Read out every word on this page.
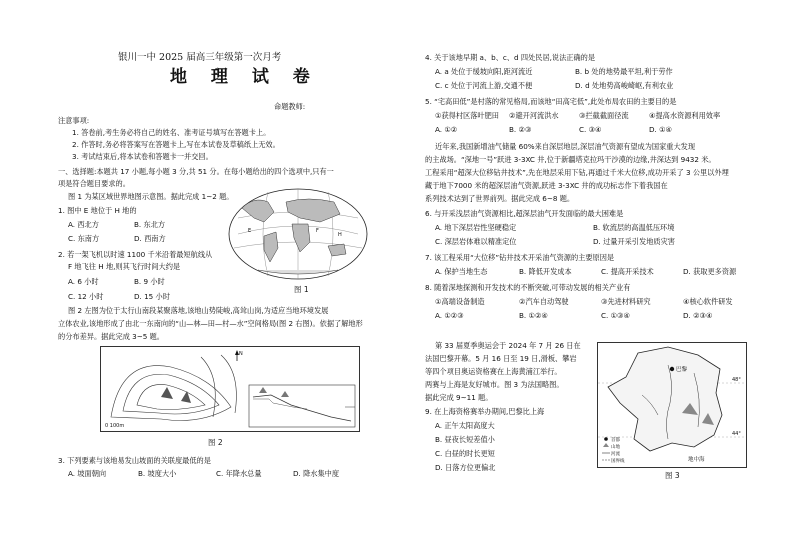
银川一中 2025 届高三年级第一次月考
地 理 试 卷
命题教师:
注意事项:
1. 答卷前,考生务必将自己的姓名、准考证号填写在答题卡上。
2. 作答时,务必将答案写在答题卡上,写在本试卷及草稿纸上无效。
3. 考试结束后,将本试卷和答题卡一并交回。
一、选择题:本题共 17 小题,每小题 3 分,共 51 分。在每小题给出的四个选项中,只有一
项是符合题目要求的。
图 1 为某区域世界地图示意图。据此完成 1~2 题。
1. 图中 E 地位于 H 地的
A. 西北方	B. 东北方
C. 东南方	D. 西南方
2. 若一架飞机以时速 1100 千米沿着最短航线从
F 地飞往 H 地,则其飞行时间大约是
A. 6 小时	B. 9 小时
C. 12 小时	D. 15 小时
E	F
H
图 1
图 2 左图为位于太行山南段某聚落地,该地山势陡峻,高耸山岗,为适应当地环境发展
立体农业,该地形成了由北一东南向的“山—林—田—村—水”空间格局(图 2 右图)。依据了解地形
的分布差异。据此完成 3~5 题。
N
0 100m
图 2
3. 下列要素与该地易发山坡面的关联度最低的是
A. 坡面朝向	B. 坡度大小	C. 年降水总量	D. 降水集中度
4. 关于该地早期 a、b、c、d 四处民居,说法正确的是
A. a 处位于缓坡向阳,距河流近	B. b 处的地势最平坦,利于劳作
C. c 处位于河流上游,交通不便	D. d 处地势高峻崎岖,有利农业
5. “宅高田低”是村落的常见格局,而该地“田高宅低”,此处布局农田的主要目的是
①获得村区落叶肥田 ②避开河流洪水	③拦截截面径流	④提高水资源利用效率
A. ①②	B. ②③	C. ③④	D. ①④
近年来,我国新增油气储量 60%来自深层地层,深层油气资源有望成为国家重大发现
的主战场。“深地一号”跃进 3-3XC 井,位于新疆塔克拉玛干沙漠的边缘,井深达到 9432 米。
工程采用“超深大位移钻井技术”,先在地层采用下钻,再通过千米大位移,成功开采了 3 公里以外埋
藏于地下7000 米的超深层油气资源,跃进 3-3XC 井的成功标志作下着我国在
系列技术达到了世界前列。据此完成 6~8 题。
6. 与开采浅层油气资源相比,超深层油气开发面临的最大困难是
A. 地下深层岩性坚硬稳定	B. 软流层的高温低压环境
C. 深层岩体难以精准定位	D. 过量开采引发地质灾害
7. 该工程采用“大位移”钻井技术开采油气资源的主要原因是
A. 保护当地生态	B. 降低开发成本	C. 提高开采技术	D. 获取更多资源
8. 随着深地探测和开发技术的不断突破,可带动发展的相关产业有
①高端设备制造	②汽车自动驾驶	③先进材料研究	④核心软件研发
A. ①②③	B. ①②④	C. ①③④	D. ②③④
第 33 届夏季奥运会于 2024 年 7 月 26 日在
法国巴黎开幕。5 月 16 日至 19 日,滑板、攀岩
等四个项目奥运资格赛在上海黄浦江举行。
两赛与上海是友好城市。图 3 为法国略图。
据此完成 9~11 题。
9. 在上海资格赛举办期间,巴黎比上海
A. 正午太阳高度大
B. 昼夜长短差值小
C. 白昼的时长更短
D. 日落方位更偏北
巴黎
地中海
48°
44°
首都
山地
河流
国界线
图 3
